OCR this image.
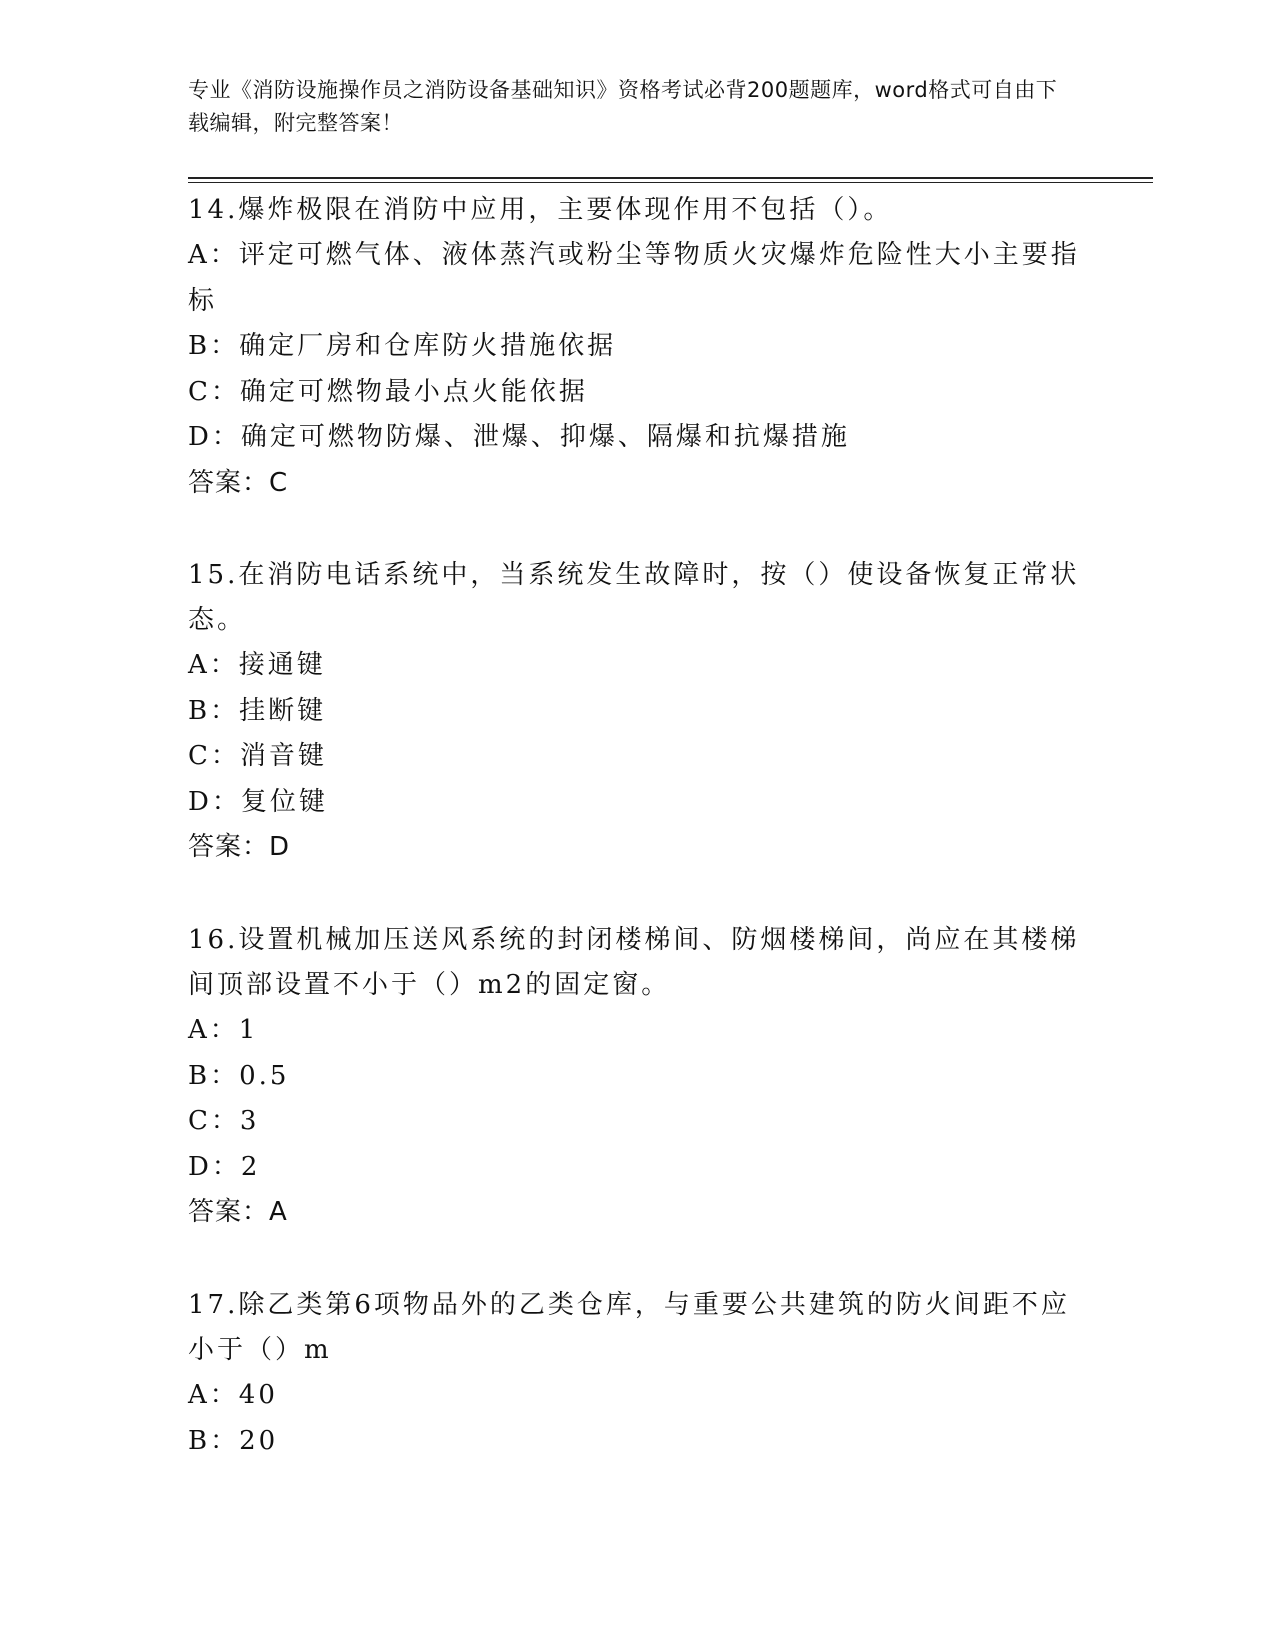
专业《消防设施操作员之消防设备基础知识》资格考试必背200题题库，word格式可自由下载编辑，附完整答案！

14.爆炸极限在消防中应用，主要体现作用不包括（）。

A：评定可燃气体、液体蒸汽或粉尘等物质火灾爆炸危险性大小主要指标

B：确定厂房和仓库防火措施依据

C：确定可燃物最小点火能依据

D：确定可燃物防爆、泄爆、抑爆、隔爆和抗爆措施

答案：C

15.在消防电话系统中，当系统发生故障时，按（）使设备恢复正常状态。

A：接通键

B：挂断键

C：消音键

D：复位键

答案：D

16.设置机械加压送风系统的封闭楼梯间、防烟楼梯间，尚应在其楼梯间顶部设置不小于（）m2的固定窗。

A：1

B：0.5

C：3

D：2

答案：A

17.除乙类第6项物品外的乙类仓库，与重要公共建筑的防火间距不应小于（）m

A：40

B：20
